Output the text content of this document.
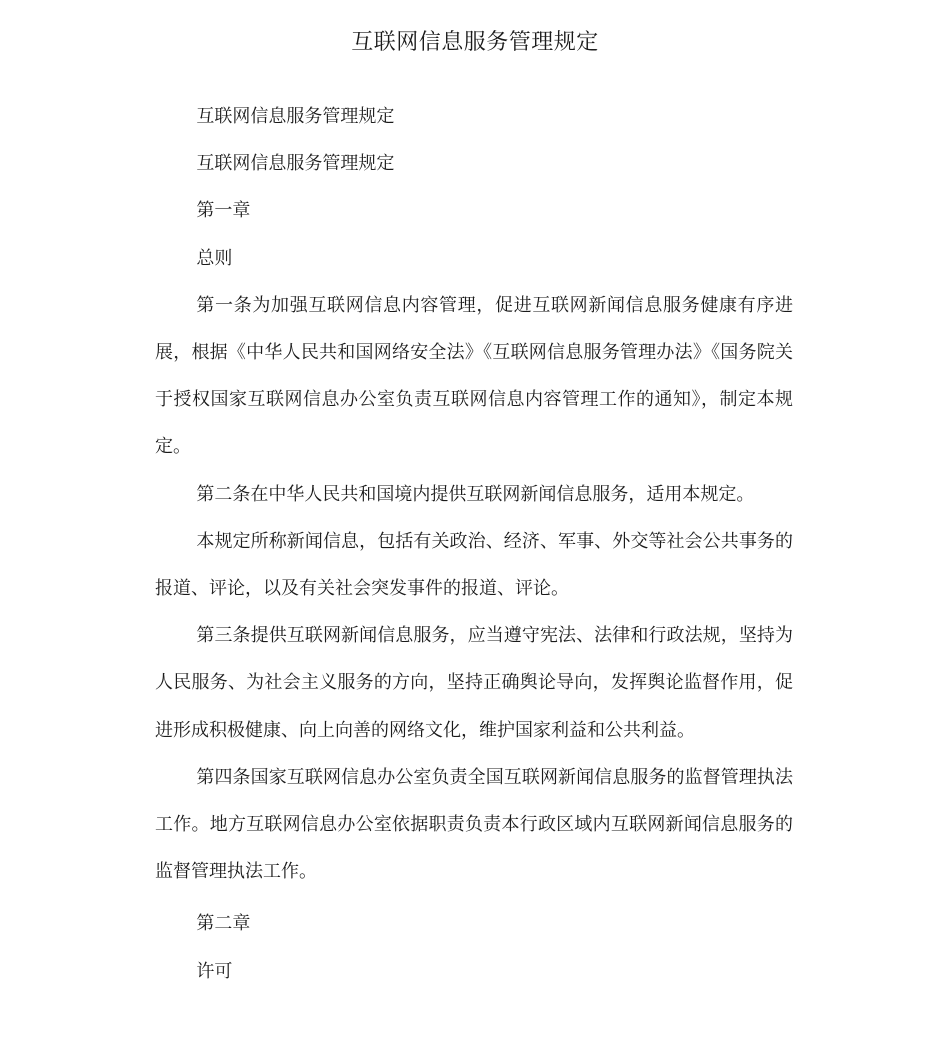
互联网信息服务管理规定

互联网信息服务管理规定

互联网信息服务管理规定

第一章

总则

第一条为加强互联网信息内容管理，促进互联网新闻信息服务健康有序进展，根据《中华人民共和国网络安全法》《互联网信息服务管理办法》《国务院关于授权国家互联网信息办公室负责互联网信息内容管理工作的通知》，制定本规定。

第二条在中华人民共和国境内提供互联网新闻信息服务，适用本规定。

本规定所称新闻信息，包括有关政治、经济、军事、外交等社会公共事务的报道、评论，以及有关社会突发事件的报道、评论。

第三条提供互联网新闻信息服务，应当遵守宪法、法律和行政法规，坚持为人民服务、为社会主义服务的方向，坚持正确舆论导向，发挥舆论监督作用，促进形成积极健康、向上向善的网络文化，维护国家利益和公共利益。

第四条国家互联网信息办公室负责全国互联网新闻信息服务的监督管理执法工作。地方互联网信息办公室依据职责负责本行政区域内互联网新闻信息服务的监督管理执法工作。

第二章

许可
